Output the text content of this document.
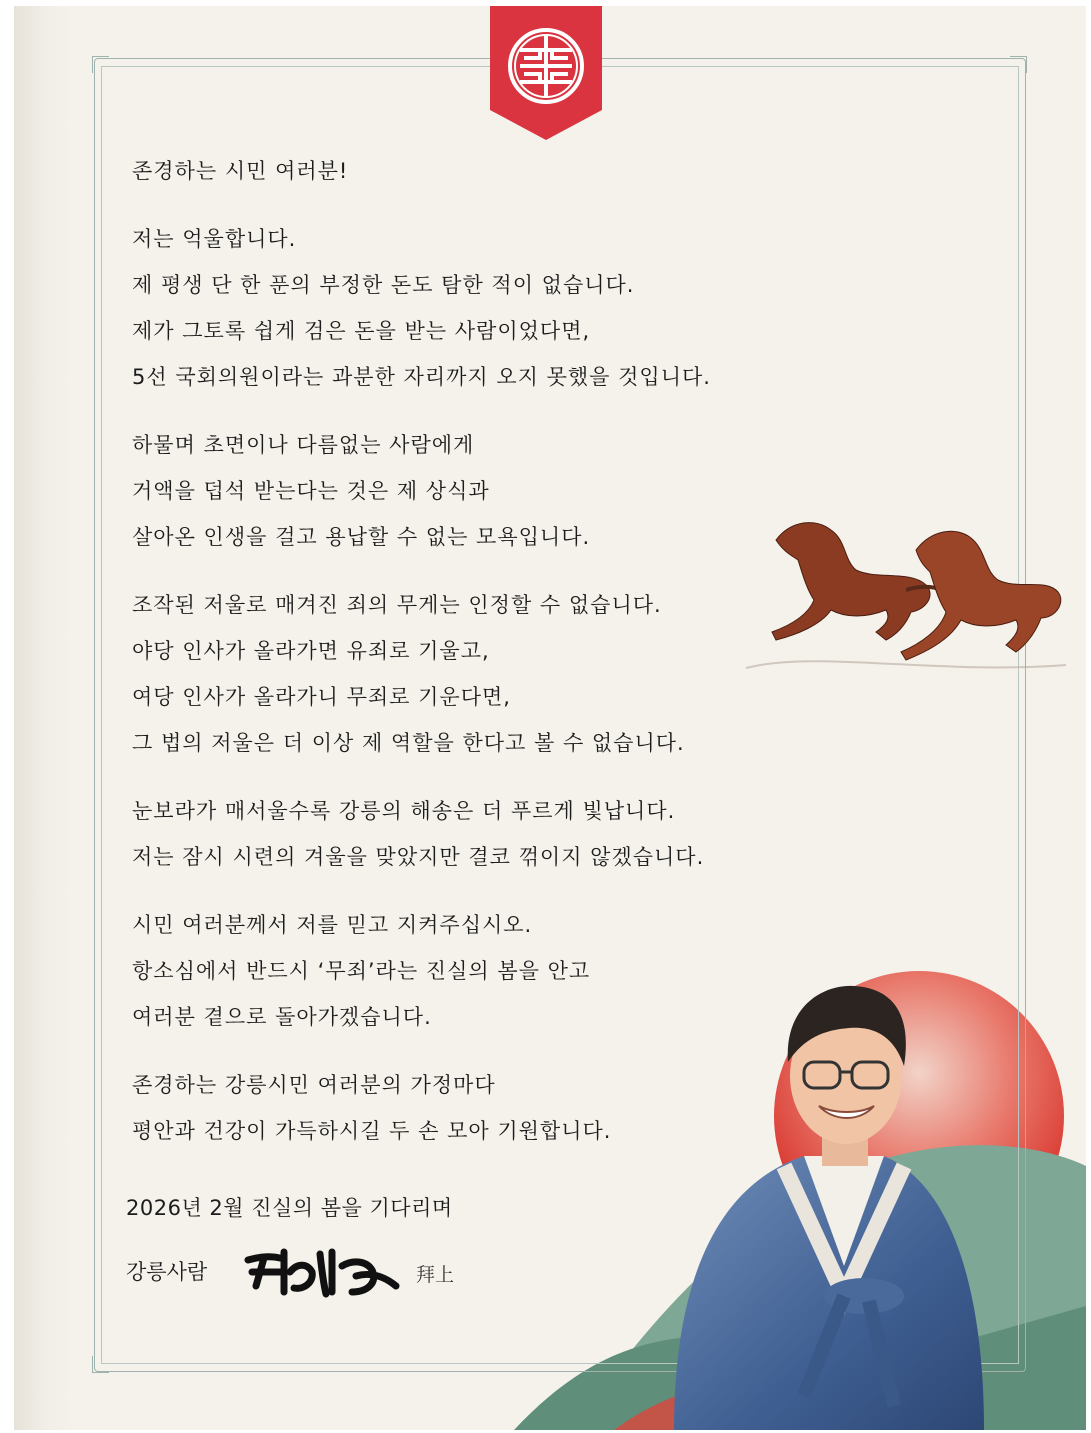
존경하는 시민 여러분!
저는 억울합니다.
제 평생 단 한 푼의 부정한 돈도 탐한 적이 없습니다.
제가 그토록 쉽게 검은 돈을 받는 사람이었다면,
5선 국회의원이라는 과분한 자리까지 오지 못했을 것입니다.
하물며 초면이나 다름없는 사람에게
거액을 덥석 받는다는 것은 제 상식과
살아온 인생을 걸고 용납할 수 없는 모욕입니다.
조작된 저울로 매겨진 죄의 무게는 인정할 수 없습니다.
야당 인사가 올라가면 유죄로 기울고,
여당 인사가 올라가니 무죄로 기운다면,
그 법의 저울은 더 이상 제 역할을 한다고 볼 수 없습니다.
눈보라가 매서울수록 강릉의 해송은 더 푸르게 빛납니다.
저는 잠시 시련의 겨울을 맞았지만 결코 꺾이지 않겠습니다.
시민 여러분께서 저를 믿고 지켜주십시오.
항소심에서 반드시 ‘무죄’라는 진실의 봄을 안고
여러분 곁으로 돌아가겠습니다.
존경하는 강릉시민 여러분의 가정마다
평안과 건강이 가득하시길 두 손 모아 기원합니다.
2026년 2월 진실의 봄을 기다리며
강릉사람	拜上
